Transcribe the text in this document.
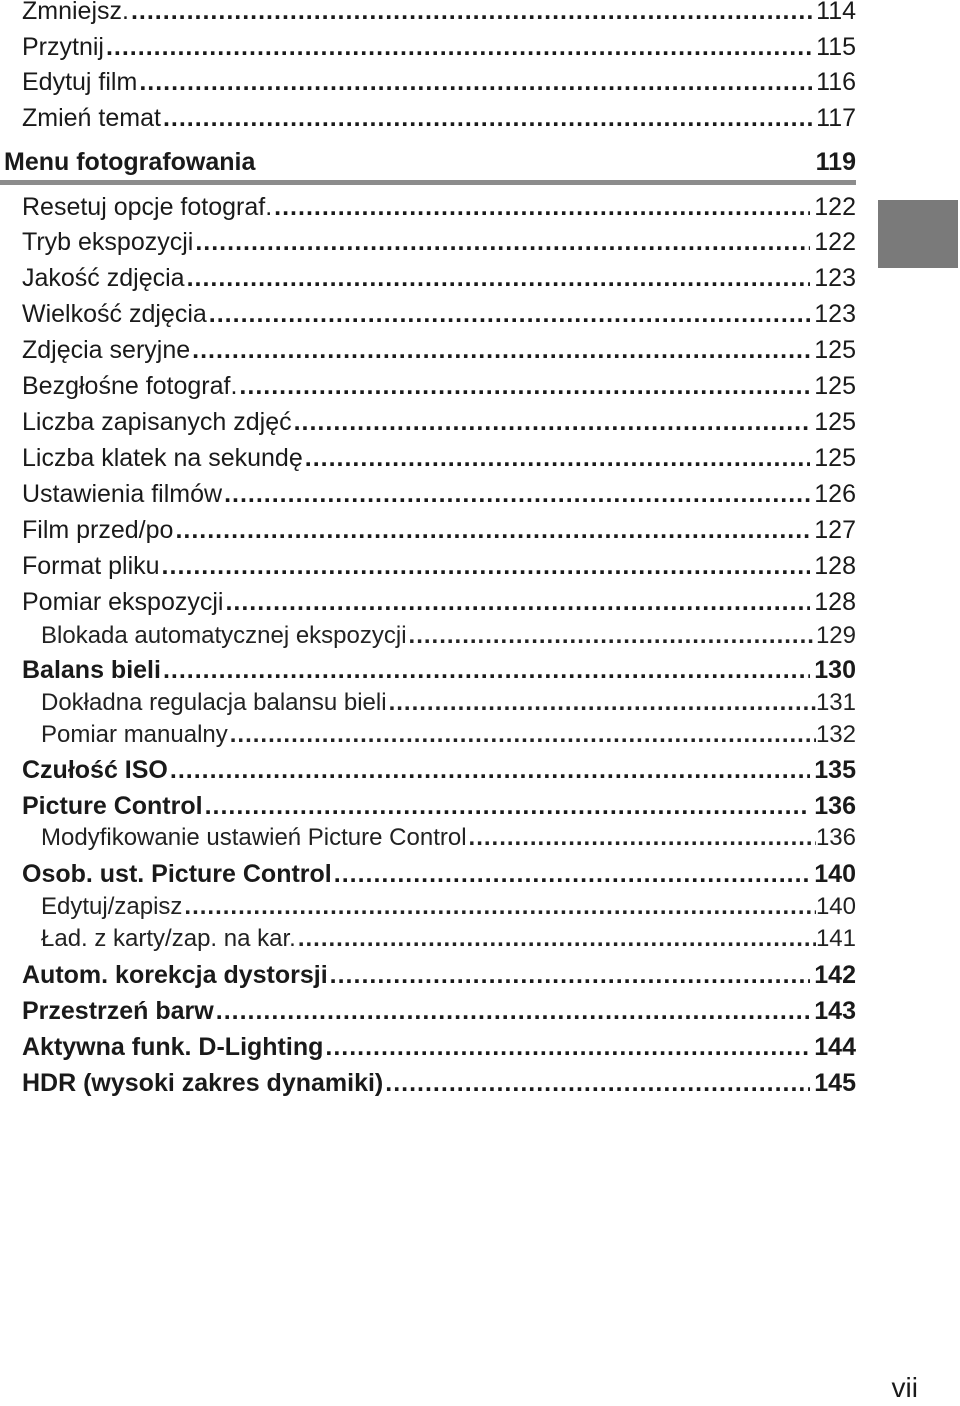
Zmniejsz. .....	114
Przytnij .....	115
Edytuj film .....	116
Zmień temat .....	117
Resetuj opcje fotograf. .....	122
Tryb ekspozycji .....	122
Jakość zdjęcia .....	123
Wielkość zdjęcia .....	123
Zdjęcia seryjne .....	125
Bezgłośne fotograf. .....	125
Liczba zapisanych zdjęć .....	125
Liczba klatek na sekundę .....	125
Ustawienia filmów .....	126
Film przed/po .....	127
Format pliku .....	128
Pomiar ekspozycji .....	128
Blokada automatycznej ekspozycji .....	129
Balans bieli .....	130
Dokładna regulacja balansu bieli .....	131
Pomiar manualny .....	132
Czułość ISO .....	135
Picture Control .....	136
Modyfikowanie ustawień Picture Control .....	136
Osob. ust. Picture Control .....	140
Edytuj/zapisz .....	140
Ład. z karty/zap. na kar. .....	141
Autom. korekcja dystorsji .....	142
Przestrzeń barw .....	143
Aktywna funk. D-Lighting .....	144
HDR (wysoki zakres dynamiki) .....	145
Menu fotografowania	119
vii
